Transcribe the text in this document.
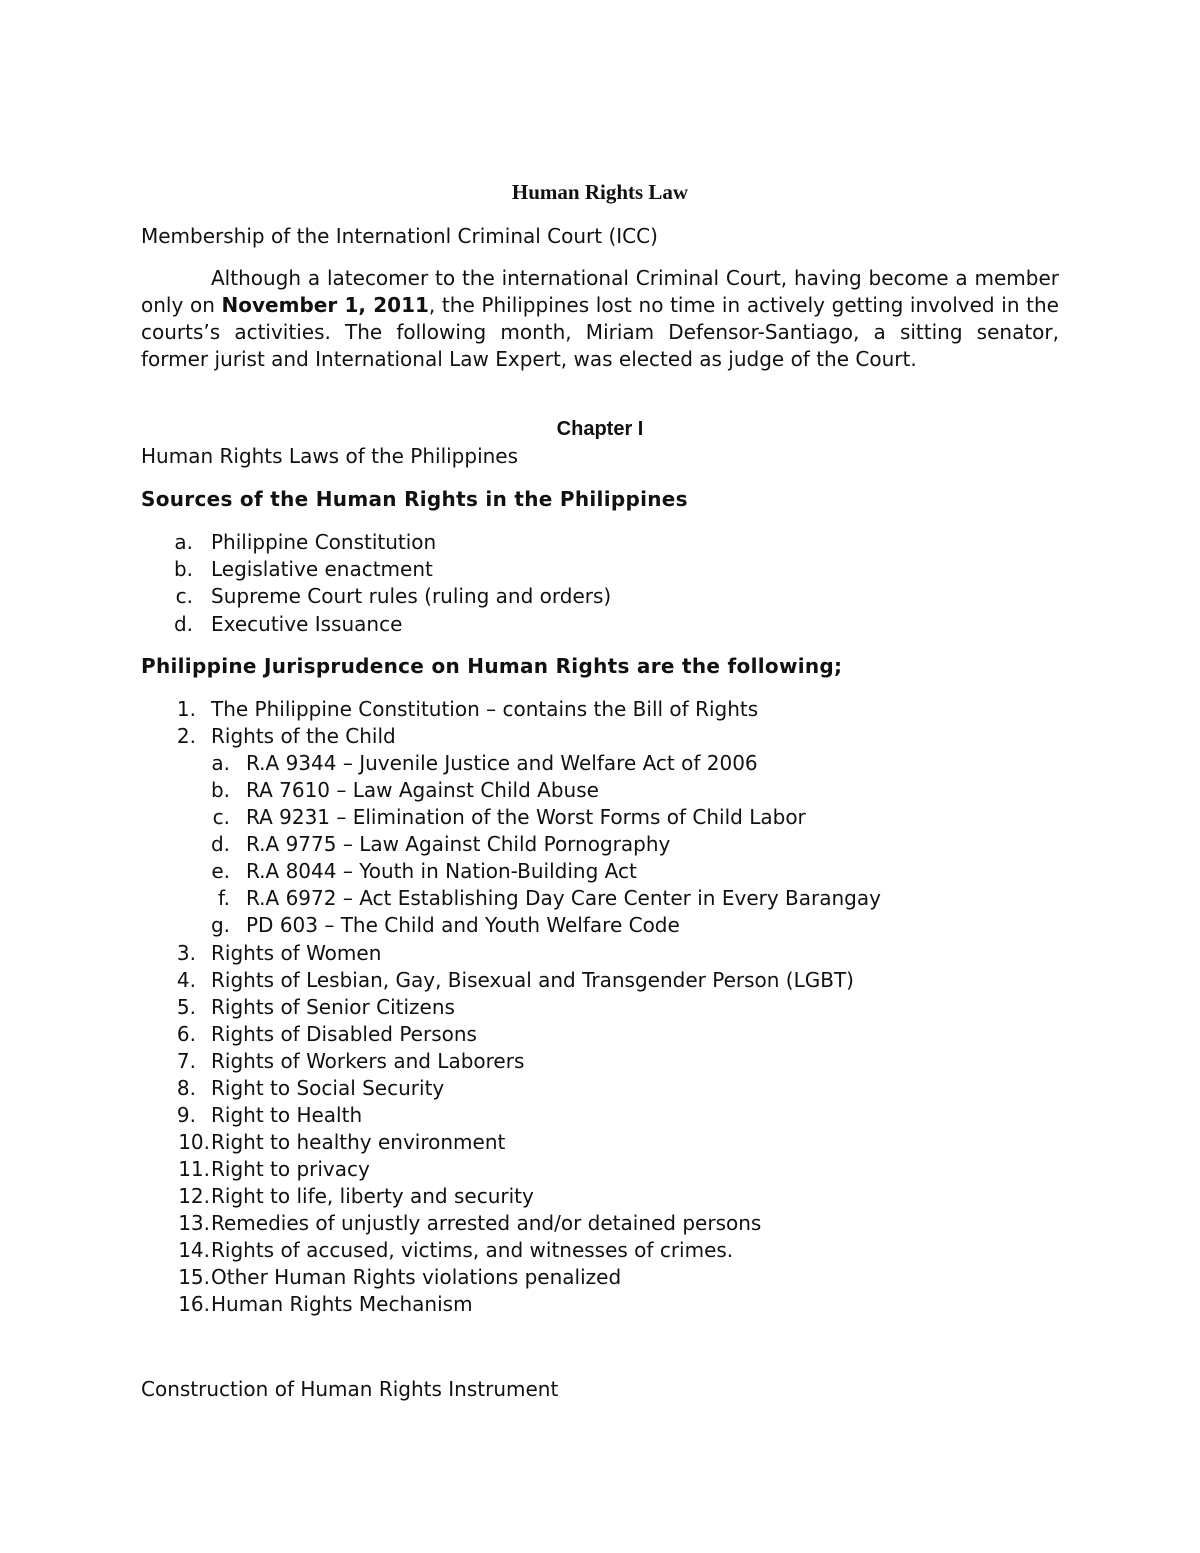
Human Rights Law
Membership of the Internationl Criminal Court (ICC)
Although a latecomer to the international Criminal Court, having become a member only on November 1, 2011, the Philippines lost no time in actively getting involved in the courts’s activities. The following month, Miriam Defensor-Santiago, a sitting senator, former jurist and International Law Expert, was elected as judge of the Court.
Chapter I
Human Rights Laws of the Philippines
Sources of the Human Rights in the Philippines
a. Philippine Constitution
b. Legislative enactment
c. Supreme Court rules (ruling and orders)
d. Executive Issuance
Philippine Jurisprudence on Human Rights are the following;
1. The Philippine Constitution – contains the Bill of Rights
2. Rights of the Child
a. R.A 9344 – Juvenile Justice and Welfare Act of 2006
b. RA 7610 – Law Against Child Abuse
c. RA 9231 – Elimination of the Worst Forms of Child Labor
d. R.A 9775 – Law Against Child Pornography
e. R.A 8044 – Youth in Nation-Building Act
f. R.A 6972 – Act Establishing Day Care Center in Every Barangay
g. PD 603 – The Child and Youth Welfare Code
3. Rights of Women
4. Rights of Lesbian, Gay, Bisexual and Transgender Person (LGBT)
5. Rights of Senior Citizens
6. Rights of Disabled Persons
7. Rights of Workers and Laborers
8. Right to Social Security
9. Right to Health
10. Right to healthy environment
11. Right to privacy
12. Right to life, liberty and security
13. Remedies of unjustly arrested and/or detained persons
14. Rights of accused, victims, and witnesses of crimes.
15. Other Human Rights violations penalized
16. Human Rights Mechanism
Construction of Human Rights Instrument
